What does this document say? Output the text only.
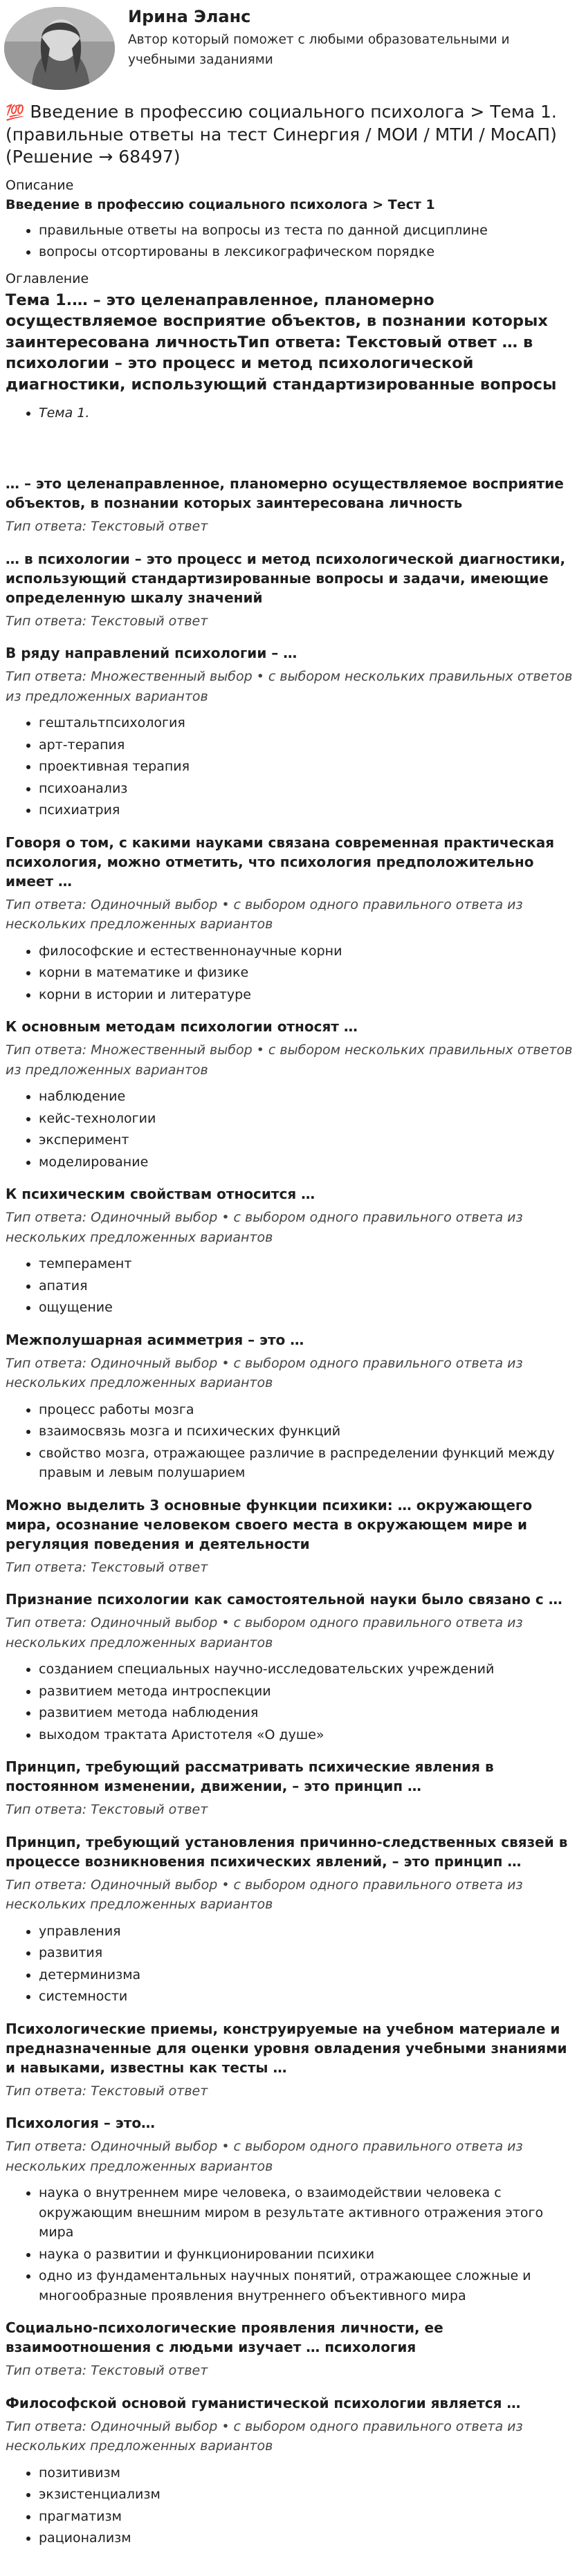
Ирина Эланс

Автор который поможет с любыми образовательными и учебными заданиями

💯 Введение в профессию социального психолога > Тема 1. (правильные ответы на тест Синергия / МОИ / МТИ / МосАП) (Решение → 68497)
Описание
Введение в профессию социального психолога > Тест 1
• правильные ответы на вопросы из теста по данной дисциплине
• вопросы отсортированы в лексикографическом порядке
Оглавление
Тема 1.… – это целенаправленное, планомерно осуществляемое восприятие объектов, в познании которых заинтересована личностьТип ответа: Текстовый ответ … в психологии – это процесс и метод психологической диагностики, использующий стандартизированные вопросы
• Тема 1.
… – это целенаправленное, планомерно осуществляемое восприятие объектов, в познании которых заинтересована личность
Тип ответа: Текстовый ответ
… в психологии – это процесс и метод психологической диагностики, использующий стандартизированные вопросы и задачи, имеющие определенную шкалу значений
Тип ответа: Текстовый ответ
В ряду направлений психологии – …
Тип ответа: Множественный выбор • с выбором нескольких правильных ответов из предложенных вариантов
• гештальтпсихология
• арт-терапия
• проективная терапия
• психоанализ
• психиатрия
Говоря о том, с какими науками связана современная практическая психология, можно отметить, что психология предположительно имеет …
Тип ответа: Одиночный выбор • с выбором одного правильного ответа из нескольких предложенных вариантов
• философские и естественнонаучные корни
• корни в математике и физике
• корни в истории и литературе
К основным методам психологии относят …
Тип ответа: Множественный выбор • с выбором нескольких правильных ответов из предложенных вариантов
• наблюдение
• кейс-технологии
• эксперимент
• моделирование
К психическим свойствам относится …
Тип ответа: Одиночный выбор • с выбором одного правильного ответа из нескольких предложенных вариантов
• темперамент
• апатия
• ощущение
Межполушарная асимметрия – это …
Тип ответа: Одиночный выбор • с выбором одного правильного ответа из нескольких предложенных вариантов
• процесс работы мозга
• взаимосвязь мозга и психических функций
• свойство мозга, отражающее различие в распределении функций между правым и левым полушарием
Можно выделить 3 основные функции психики: … окружающего мира, осознание человеком своего места в окружающем мире и регуляция поведения и деятельности
Тип ответа: Текстовый ответ
Признание психологии как самостоятельной науки было связано с …
Тип ответа: Одиночный выбор • с выбором одного правильного ответа из нескольких предложенных вариантов
• созданием специальных научно-исследовательских учреждений
• развитием метода интроспекции
• развитием метода наблюдения
• выходом трактата Аристотеля «О душе»
Принцип, требующий рассматривать психические явления в постоянном изменении, движении, – это принцип …
Тип ответа: Текстовый ответ
Принцип, требующий установления причинно-следственных связей в процессе возникновения психических явлений, – это принцип …
Тип ответа: Одиночный выбор • с выбором одного правильного ответа из нескольких предложенных вариантов
• управления
• развития
• детерминизма
• системности
Психологические приемы, конструируемые на учебном материале и предназначенные для оценки уровня овладения учебными знаниями и навыками, известны как тесты …
Тип ответа: Текстовый ответ
Психология – это…
Тип ответа: Одиночный выбор • с выбором одного правильного ответа из нескольких предложенных вариантов
• наука о внутреннем мире человека, о взаимодействии человека с окружающим внешним миром в результате активного отражения этого мира
• наука о развитии и функционировании психики
• одно из фундаментальных научных понятий, отражающее сложные и многообразные проявления внутреннего объективного мира
Социально-психологические проявления личности, ее взаимоотношения с людьми изучает … психология
Тип ответа: Текстовый ответ
Философской основой гуманистической психологии является …
Тип ответа: Одиночный выбор • с выбором одного правильного ответа из нескольких предложенных вариантов
• позитивизм
• экзистенциализм
• прагматизм
• рационализм
